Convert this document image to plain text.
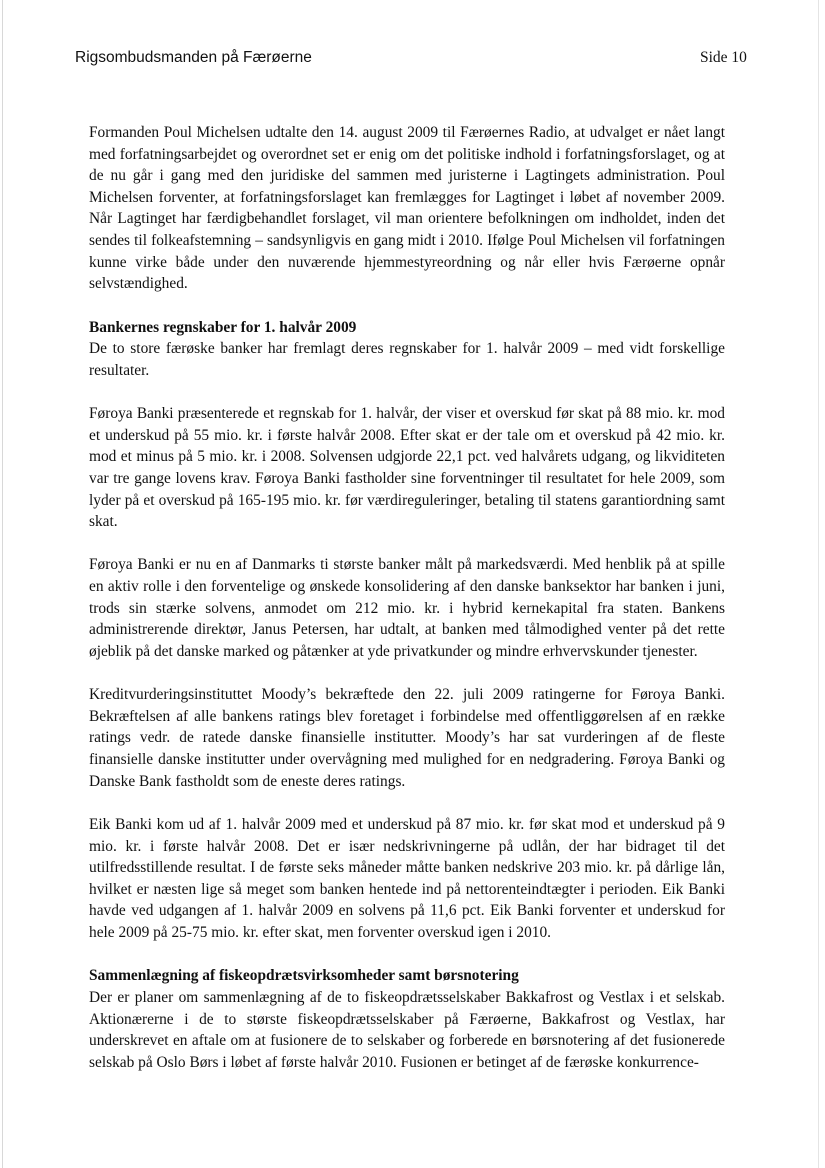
Rigsombudsmanden på Færøerne	Side 10

Formanden Poul Michelsen udtalte den 14. august 2009 til Færøernes Radio, at udvalget er nået langt med forfatningsarbejdet og overordnet set er enig om det politiske indhold i forfatningsforslaget, og at de nu går i gang med den juridiske del sammen med juristerne i Lagtingets administration. Poul Michelsen forventer, at forfatningsforslaget kan fremlægges for Lagtinget i løbet af november 2009. Når Lagtinget har færdigbehandlet forslaget, vil man orientere befolkningen om indholdet, inden det sendes til folkeafstemning – sandsynligvis en gang midt i 2010. Ifølge Poul Michelsen vil forfatningen kunne virke både under den nuværende hjemmestyreordning og når eller hvis Færøerne opnår selvstændighed.

Bankernes regnskaber for 1. halvår 2009

De to store færøske banker har fremlagt deres regnskaber for 1. halvår 2009 – med vidt forskellige resultater.

Føroya Banki præsenterede et regnskab for 1. halvår, der viser et overskud før skat på 88 mio. kr. mod et underskud på 55 mio. kr. i første halvår 2008. Efter skat er der tale om et overskud på 42 mio. kr. mod et minus på 5 mio. kr. i 2008. Solvensen udgjorde 22,1 pct. ved halvårets udgang, og likviditeten var tre gange lovens krav. Føroya Banki fastholder sine forventninger til resultatet for hele 2009, som lyder på et overskud på 165-195 mio. kr. før værdireguleringer, betaling til statens garantiordning samt skat.

Føroya Banki er nu en af Danmarks ti største banker målt på markedsværdi. Med henblik på at spille en aktiv rolle i den forventelige og ønskede konsolidering af den danske banksektor har banken i juni, trods sin stærke solvens, anmodet om 212 mio. kr. i hybrid kernekapital fra staten. Bankens administrerende direktør, Janus Petersen, har udtalt, at banken med tålmodighed venter på det rette øjeblik på det danske marked og påtænker at yde privatkunder og mindre erhvervskunder tjenester.

Kreditvurderingsinstituttet Moody’s bekræftede den 22. juli 2009 ratingerne for Føroya Banki. Bekræftelsen af alle bankens ratings blev foretaget i forbindelse med offentliggørelsen af en række ratings vedr. de ratede danske finansielle institutter. Moody’s har sat vurderingen af de fleste finansielle danske institutter under overvågning med mulighed for en nedgradering. Føroya Banki og Danske Bank fastholdt som de eneste deres ratings.

Eik Banki kom ud af 1. halvår 2009 med et underskud på 87 mio. kr. før skat mod et underskud på 9 mio. kr. i første halvår 2008. Det er især nedskrivningerne på udlån, der har bidraget til det utilfredsstillende resultat. I de første seks måneder måtte banken nedskrive 203 mio. kr. på dårlige lån, hvilket er næsten lige så meget som banken hentede ind på nettorenteindtægter i perioden. Eik Banki havde ved udgangen af 1. halvår 2009 en solvens på 11,6 pct. Eik Banki forventer et underskud for hele 2009 på 25-75 mio. kr. efter skat, men forventer overskud igen i 2010.

Sammenlægning af fiskeopdrætsvirksomheder samt børsnotering

Der er planer om sammenlægning af de to fiskeopdrætsselskaber Bakkafrost og Vestlax i et selskab. Aktionærerne i de to største fiskeopdrætsselskaber på Færøerne, Bakkafrost og Vestlax, har underskrevet en aftale om at fusionere de to selskaber og forberede en børsnotering af det fusionerede selskab på Oslo Børs i løbet af første halvår 2010. Fusionen er betinget af de færøske konkurrence-
